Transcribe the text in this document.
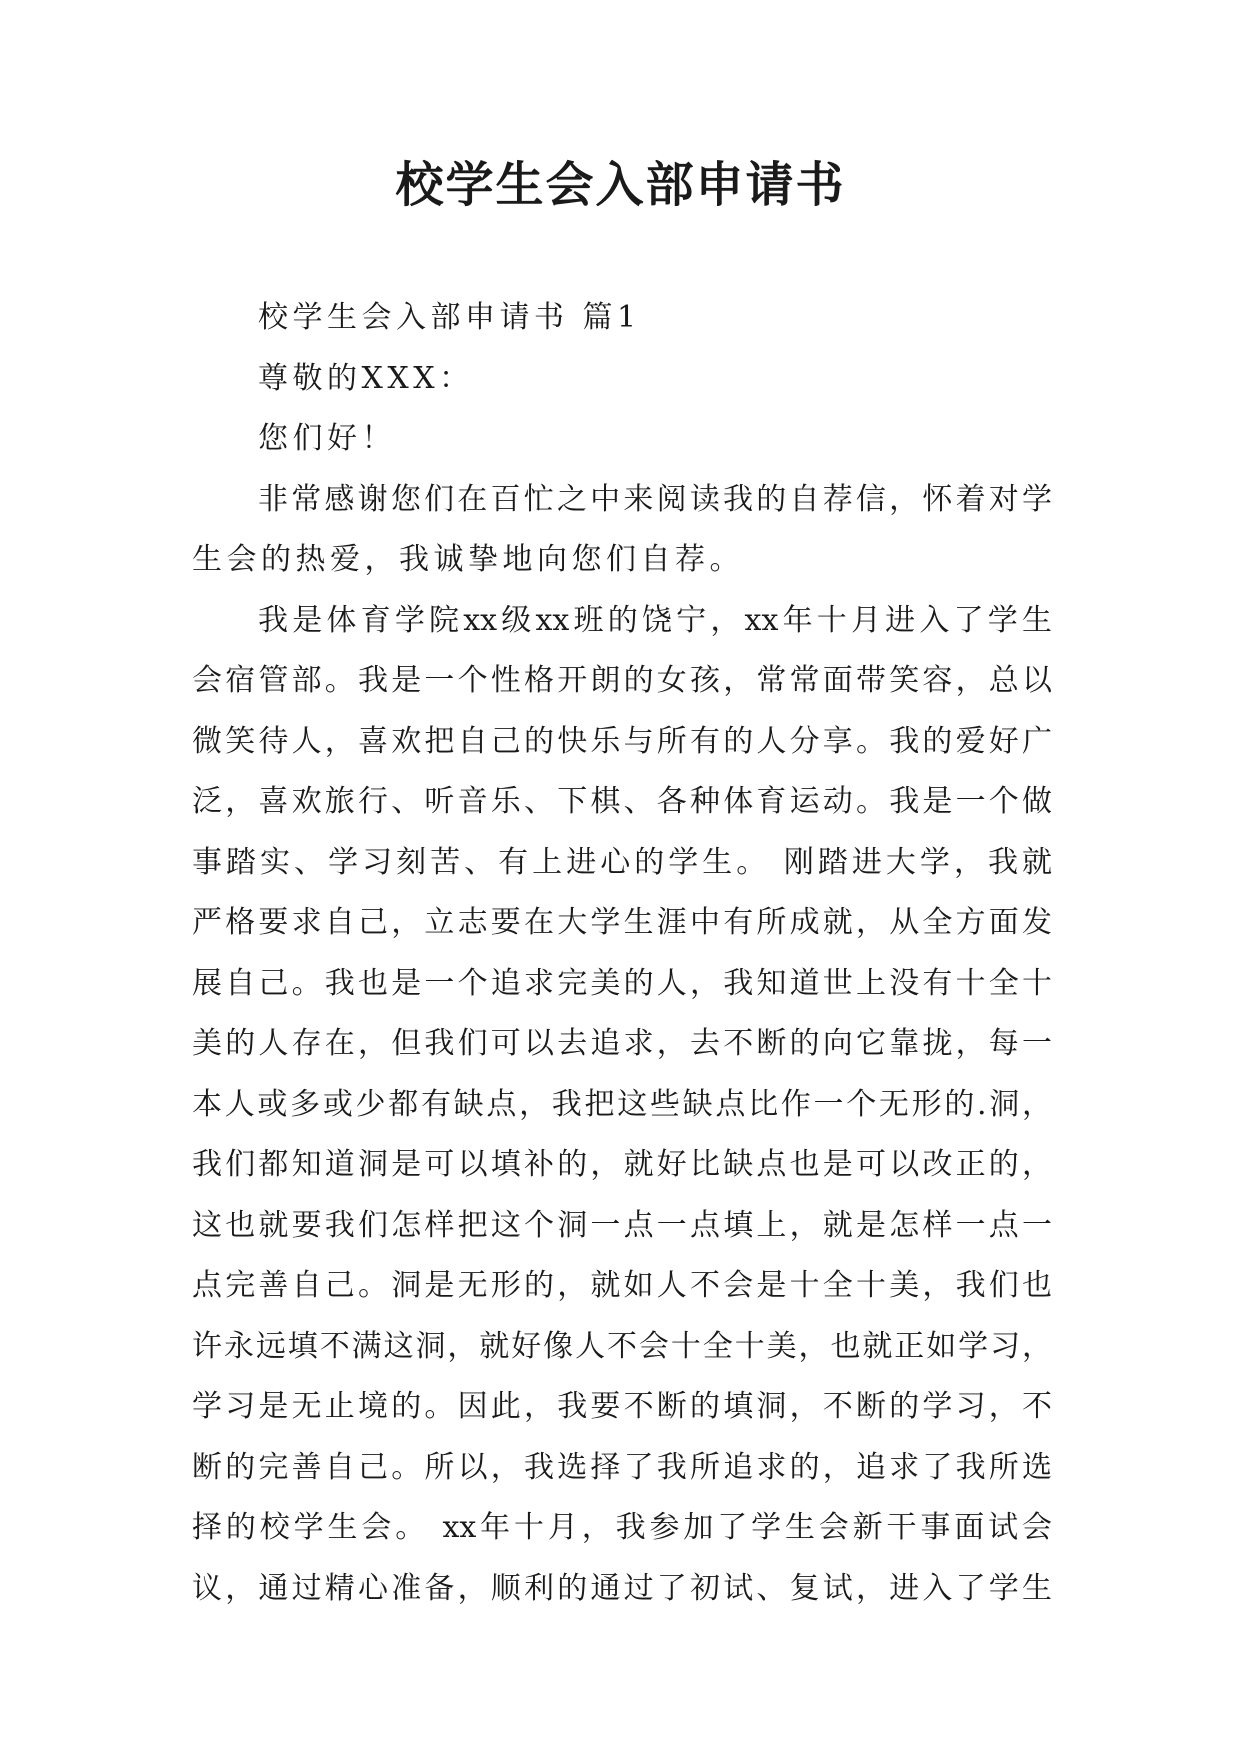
校学生会入部申请书
校学生会入部申请书 篇1
尊敬的XXX：
您们好！
非常感谢您们在百忙之中来阅读我的自荐信，怀着对学
生会的热爱，我诚挚地向您们自荐。
我是体育学院xx级xx班的饶宁，xx年十月进入了学生
会宿管部。我是一个性格开朗的女孩，常常面带笑容，总以
微笑待人，喜欢把自己的快乐与所有的人分享。我的爱好广
泛，喜欢旅行、听音乐、下棋、各种体育运动。我是一个做
事踏实、学习刻苦、有上进心的学生。 刚踏进大学，我就
严格要求自己，立志要在大学生涯中有所成就，从全方面发
展自己。我也是一个追求完美的人，我知道世上没有十全十
美的人存在，但我们可以去追求，去不断的向它靠拢，每一
本人或多或少都有缺点，我把这些缺点比作一个无形的.洞，
我们都知道洞是可以填补的，就好比缺点也是可以改正的，
这也就要我们怎样把这个洞一点一点填上，就是怎样一点一
点完善自己。洞是无形的，就如人不会是十全十美，我们也
许永远填不满这洞，就好像人不会十全十美，也就正如学习，
学习是无止境的。因此，我要不断的填洞，不断的学习，不
断的完善自己。所以，我选择了我所追求的，追求了我所选
择的校学生会。 xx年十月，我参加了学生会新干事面试会
议，通过精心准备，顺利的通过了初试、复试，进入了学生
